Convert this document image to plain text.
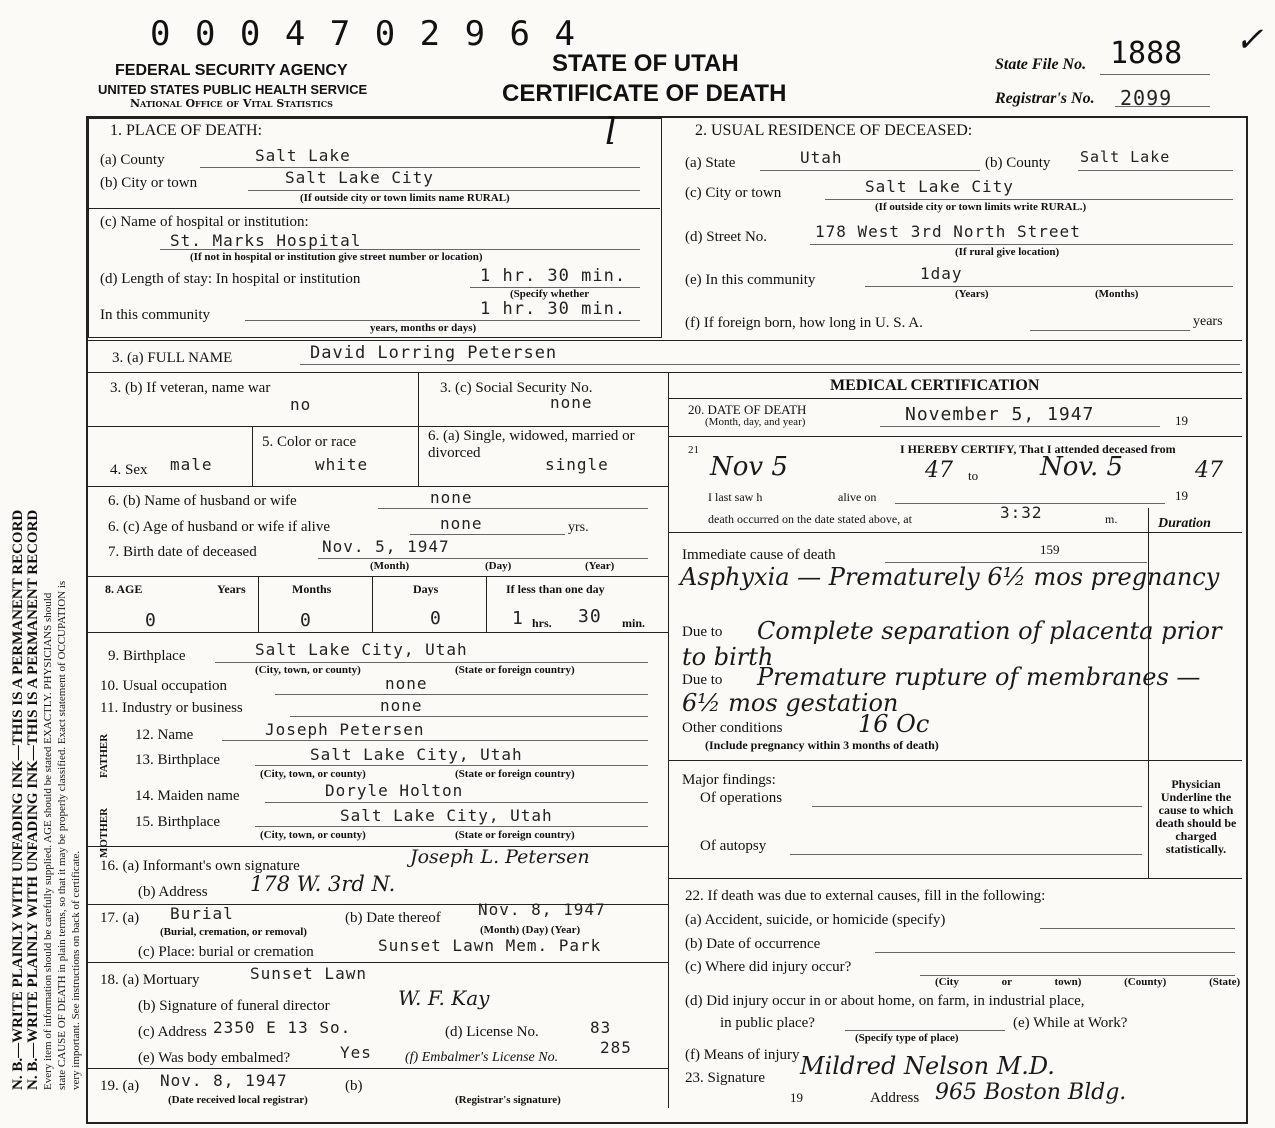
N. B.—WRITE PLAINLY WITH UNFADING INK—THIS IS A PERMANENT RECORD N. B.—WRITE PLAINLY WITH UNFADING INK—THIS IS A PERMANENT RECORD Every item of information should be carefully supplied. AGE should be stated EXACTLY. PHYSICIANS should state CAUSE OF DEATH in plain terms, so that it may be properly classified. Exact statement of OCCUPATION is very important. See instructions on back of certificate.
0 0 0 4 7 0 2 9 6 4
FEDERAL SECURITY AGENCY
UNITED STATES PUBLIC HEALTH SERVICE
National Office of Vital Statistics
STATE OF UTAH
CERTIFICATE OF DEATH
State File No. 1888
Registrar's No. 2099
✓
1. PLACE OF DEATH:	l
(a) County	Salt Lake
(b) City or town	Salt Lake City
(If outside city or town limits name RURAL)
(c) Name of hospital or institution:
St. Marks Hospital
(If not in hospital or institution give street number or location)
(d) Length of stay: In hospital or institution	1 hr. 30 min.
(Specify whether
In this community	1 hr. 30 min.
years, months or days)
2. USUAL RESIDENCE OF DECEASED:
(a) State	Utah	(b) County Salt Lake
(c) City or town	Salt Lake City
(If outside city or town limits write RURAL.)
(d) Street No.	178 West 3rd North Street
(If rural give location)
(e) In this community	1day
(Years)	(Months)
(f) If foreign born, how long in U. S. A.	years
3. (a) FULL NAME	David Lorring Petersen
3. (b) If veteran, name war
no
3. (c) Social Security No.
none
4. Sex male
5. Color or race
white
6. (a) Single, widowed, married or divorced
single
6. (b) Name of husband or wife	none
6. (c) Age of husband or wife if alive	none	yrs.
7. Birth date of deceased	Nov. 5, 1947
(Month)	(Day)	(Year)
8. AGE	Years	Months	Days	If less than one day
0	0	0	1 hrs. 30 min.
9. Birthplace	Salt Lake City, Utah
(City, town, or county)	(State or foreign country)
10. Usual occupation	none
11. Industry or business	none
FATHER
MOTHER
12. Name	Joseph Petersen
13. Birthplace	Salt Lake City, Utah
(City, town, or county)	(State or foreign country)
14. Maiden name	Doryle Holton
15. Birthplace	Salt Lake City, Utah
(City, town, or county)	(State or foreign country)
16. (a) Informant's own signature	Joseph L. Petersen
(b) Address 178 W. 3rd N.
17. (a) Burial
(Burial, cremation, or removal)
(b) Date thereof Nov. 8, 1947
(Month) (Day) (Year)
(c) Place: burial or cremation	Sunset Lawn Mem. Park
18. (a) Mortuary	Sunset Lawn
(b) Signature of funeral director	W. F. Kay
(c) Address 2350 E 13 So.	(d) License No.	83
(e) Was body embalmed?	Yes (f) Embalmer's License No.
285
19. (a) Nov. 8, 1947
(Date received local registrar)
(b)
(Registrar's signature)
MEDICAL CERTIFICATION
20. DATE OF DEATH
(Month, day, and year)	November 5, 1947	19
21	I HEREBY CERTIFY, That I attended deceased from
Nov 5	47 to Nov. 5	47
I last saw h	alive on	19
death occurred on the date stated above, at	3:32	m.	Duration
Immediate cause of death	159
Asphyxia — Prematurely 6½ mos pregnancy
Due to	Complete separation of placenta prior to birth
Due to	Premature rupture of membranes — 6½ mos gestation
Other conditions	16 Oc
(Include pregnancy within 3 months of death)
Major findings:
Of operations
Of autopsy
Physician Underline the cause to which death should be charged statistically.
22. If death was due to external causes, fill in the following:
(a) Accident, suicide, or homicide (specify)
(b) Date of occurrence
(c) Where did injury occur?
(City or town) (County) (State)
(d) Did injury occur in or about home, on farm, in industrial place,
in public place?	(e) While at Work?
(Specify type of place)
(f) Means of injury
23. Signature Mildred Nelson M.D.
19	Address 965 Boston Bldg.
